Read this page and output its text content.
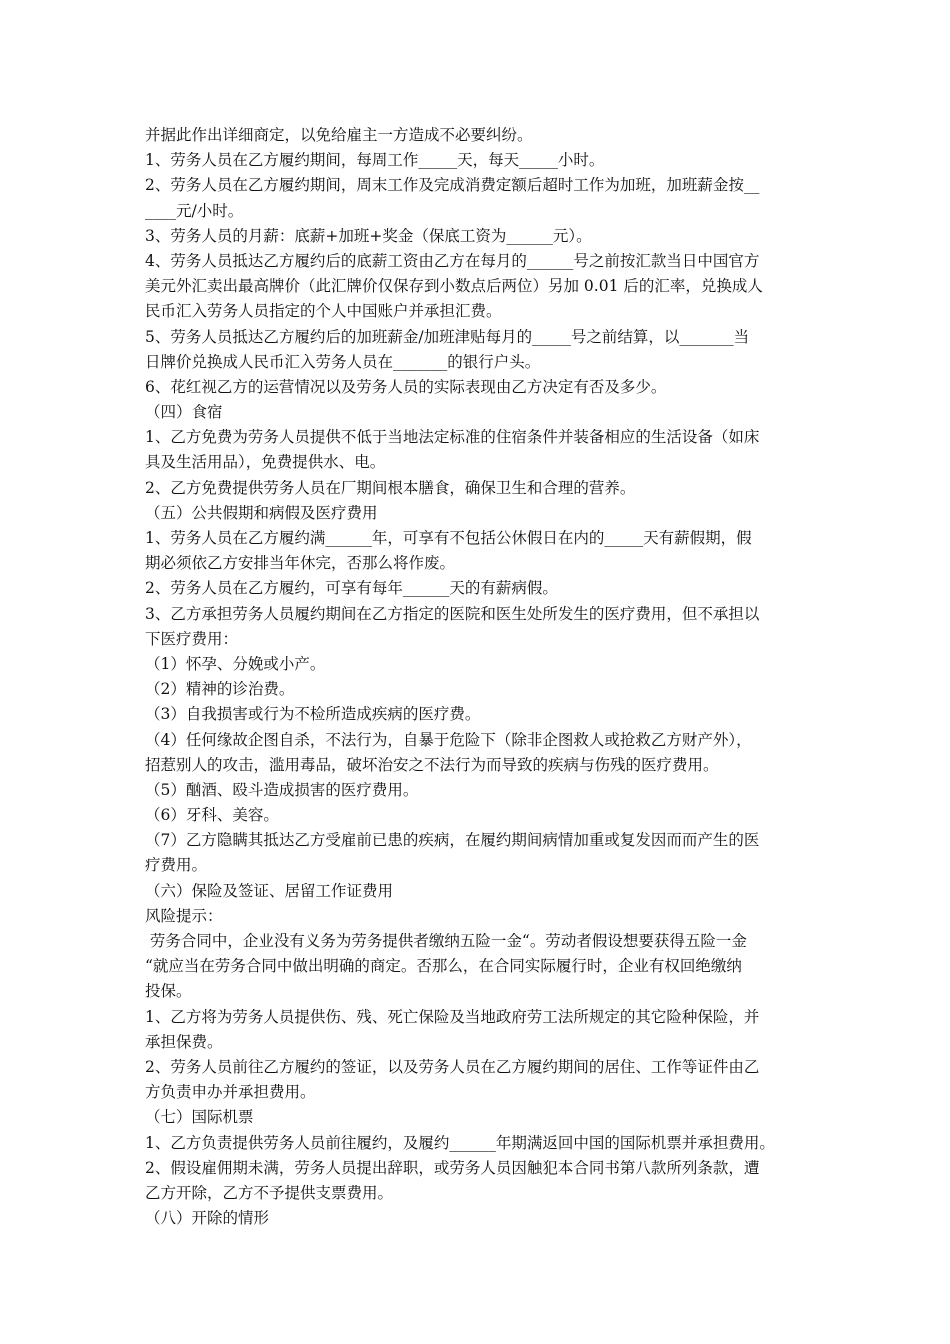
并据此作出详细商定，以免给雇主一方造成不必要纠纷。
1、劳务人员在乙方履约期间，每周工作_____天，每天_____小时。
2、劳务人员在乙方履约期间，周末工作及完成消费定额后超时工作为加班，加班薪金按__
____元/小时。
3、劳务人员的月薪：底薪+加班+奖金（保底工资为______元）。
4、劳务人员抵达乙方履约后的底薪工资由乙方在每月的______号之前按汇款当日中国官方
美元外汇卖出最高牌价（此汇牌价仅保存到小数点后两位）另加 0.01 后的汇率，兑换成人
民币汇入劳务人员指定的个人中国账户并承担汇费。
5、劳务人员抵达乙方履约后的加班薪金/加班津贴每月的_____号之前结算，以_______当
日牌价兑换成人民币汇入劳务人员在_______的银行户头。
6、花红视乙方的运营情况以及劳务人员的实际表现由乙方决定有否及多少。
（四）食宿
1、乙方免费为劳务人员提供不低于当地法定标准的住宿条件并装备相应的生活设备（如床
具及生活用品），免费提供水、电。
2、乙方免费提供劳务人员在厂期间根本膳食，确保卫生和合理的营养。
（五）公共假期和病假及医疗费用
1、劳务人员在乙方履约满______年，可享有不包括公休假日在内的_____天有薪假期，假
期必须依乙方安排当年休完，否那么将作废。
2、劳务人员在乙方履约，可享有每年______天的有薪病假。
3、乙方承担劳务人员履约期间在乙方指定的医院和医生处所发生的医疗费用，但不承担以
下医疗费用：
（1）怀孕、分娩或小产。
（2）精神的诊治费。
（3）自我损害或行为不检所造成疾病的医疗费。
（4）任何缘故企图自杀，不法行为，自暴于危险下（除非企图救人或抢救乙方财产外），
招惹别人的攻击，滥用毒品，破坏治安之不法行为而导致的疾病与伤残的医疗费用。
（5）酗酒、殴斗造成损害的医疗费用。
（6）牙科、美容。
（7）乙方隐瞒其抵达乙方受雇前已患的疾病，在履约期间病情加重或复发因而而产生的医
疗费用。
（六）保险及签证、居留工作证费用
风险提示：
劳务合同中，企业没有义务为劳务提供者缴纳五险一金“。劳动者假设想要获得五险一金
“就应当在劳务合同中做出明确的商定。否那么，在合同实际履行时，企业有权回绝缴纳
投保。
1、乙方将为劳务人员提供伤、残、死亡保险及当地政府劳工法所规定的其它险种保险，并
承担保费。
2、劳务人员前往乙方履约的签证，以及劳务人员在乙方履约期间的居住、工作等证件由乙
方负责申办并承担费用。
（七）国际机票
1、乙方负责提供劳务人员前往履约，及履约______年期满返回中国的国际机票并承担费用。
2、假设雇佣期未满，劳务人员提出辞职，或劳务人员因触犯本合同书第八款所列条款，遭
乙方开除，乙方不予提供支票费用。
（八）开除的情形
